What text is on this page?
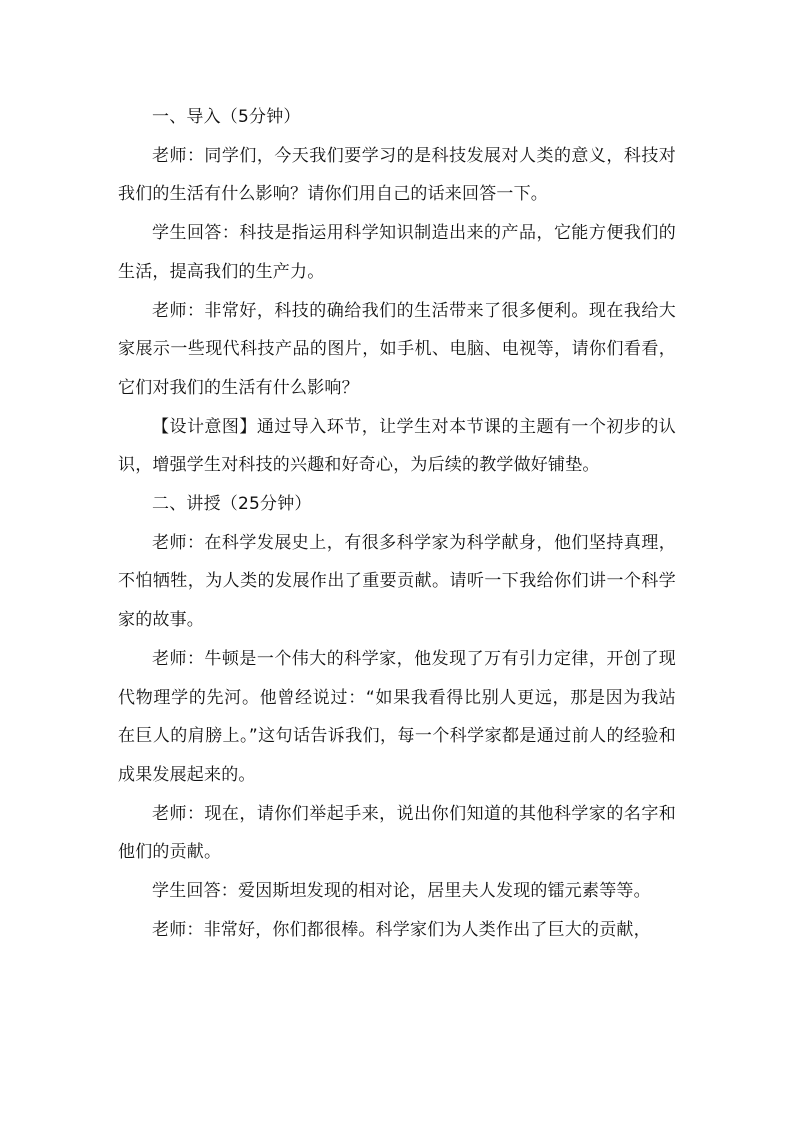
一、导入（5分钟）

老师：同学们，今天我们要学习的是科技发展对人类的意义，科技对我们的生活有什么影响？请你们用自己的话来回答一下。

学生回答：科技是指运用科学知识制造出来的产品，它能方便我们的生活，提高我们的生产力。

老师：非常好，科技的确给我们的生活带来了很多便利。现在我给大家展示一些现代科技产品的图片，如手机、电脑、电视等，请你们看看，它们对我们的生活有什么影响？

【设计意图】通过导入环节，让学生对本节课的主题有一个初步的认识，增强学生对科技的兴趣和好奇心，为后续的教学做好铺垫。

二、讲授（25分钟）

老师：在科学发展史上，有很多科学家为科学献身，他们坚持真理，不怕牺牲，为人类的发展作出了重要贡献。请听一下我给你们讲一个科学家的故事。

老师：牛顿是一个伟大的科学家，他发现了万有引力定律，开创了现代物理学的先河。他曾经说过：“如果我看得比别人更远，那是因为我站在巨人的肩膀上。”这句话告诉我们，每一个科学家都是通过前人的经验和成果发展起来的。

老师：现在，请你们举起手来，说出你们知道的其他科学家的名字和他们的贡献。

学生回答：爱因斯坦发现的相对论，居里夫人发现的镭元素等等。

老师：非常好，你们都很棒。科学家们为人类作出了巨大的贡献，
